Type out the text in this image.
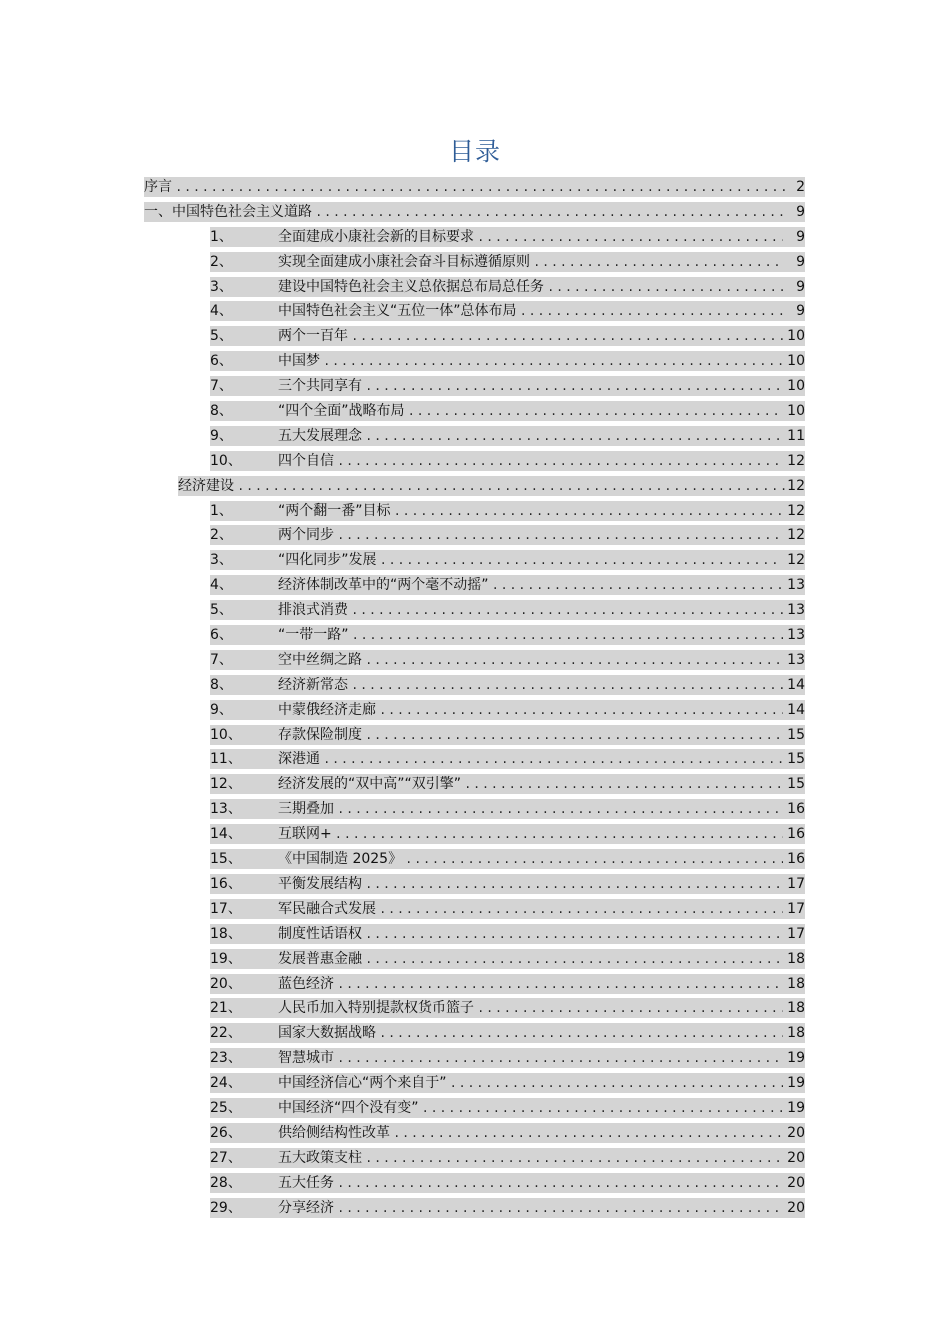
目录
序言 . . .	2
一、中国特色社会主义道路 . . .	9
1、	全面建成小康社会新的目标要求 . . .	9
2、	实现全面建成小康社会奋斗目标遵循原则 . . .	9
3、	建设中国特色社会主义总依据总布局总任务 . . .	9
4、	中国特色社会主义“五位一体”总体布局 . . .	9
5、	两个一百年 . . .	10
6、	中国梦 . . .	10
7、	三个共同享有 . . .	10
8、	“四个全面”战略布局 . . .	10
9、	五大发展理念 . . .	11
10、	四个自信 . . .	12
经济建设 . . .	12
1、	“两个翻一番”目标 . . .	12
2、	两个同步 . . .	12
3、	“四化同步”发展 . . .	12
4、	经济体制改革中的“两个毫不动摇” . . .	13
5、	排浪式消费 . . .	13
6、	“一带一路” . . .	13
7、	空中丝绸之路 . . .	13
8、	经济新常态 . . .	14
9、	中蒙俄经济走廊 . . .	14
10、	存款保险制度 . . .	15
11、	深港通 . . .	15
12、	经济发展的“双中高”“双引擎” . . .	15
13、	三期叠加 . . .	16
14、	互联网+ . . .	16
15、	《中国制造 2025》 . . .	16
16、	平衡发展结构 . . .	17
17、	军民融合式发展 . . .	17
18、	制度性话语权 . . .	17
19、	发展普惠金融 . . .	18
20、	蓝色经济 . . .	18
21、	人民币加入特别提款权货币篮子 . . .	18
22、	国家大数据战略 . . .	18
23、	智慧城市 . . .	19
24、	中国经济信心“两个来自于” . . .	19
25、	中国经济“四个没有变” . . .	19
26、	供给侧结构性改革 . . .	20
27、	五大政策支柱 . . .	20
28、	五大任务 . . .	20
29、	分享经济 . . .	20
